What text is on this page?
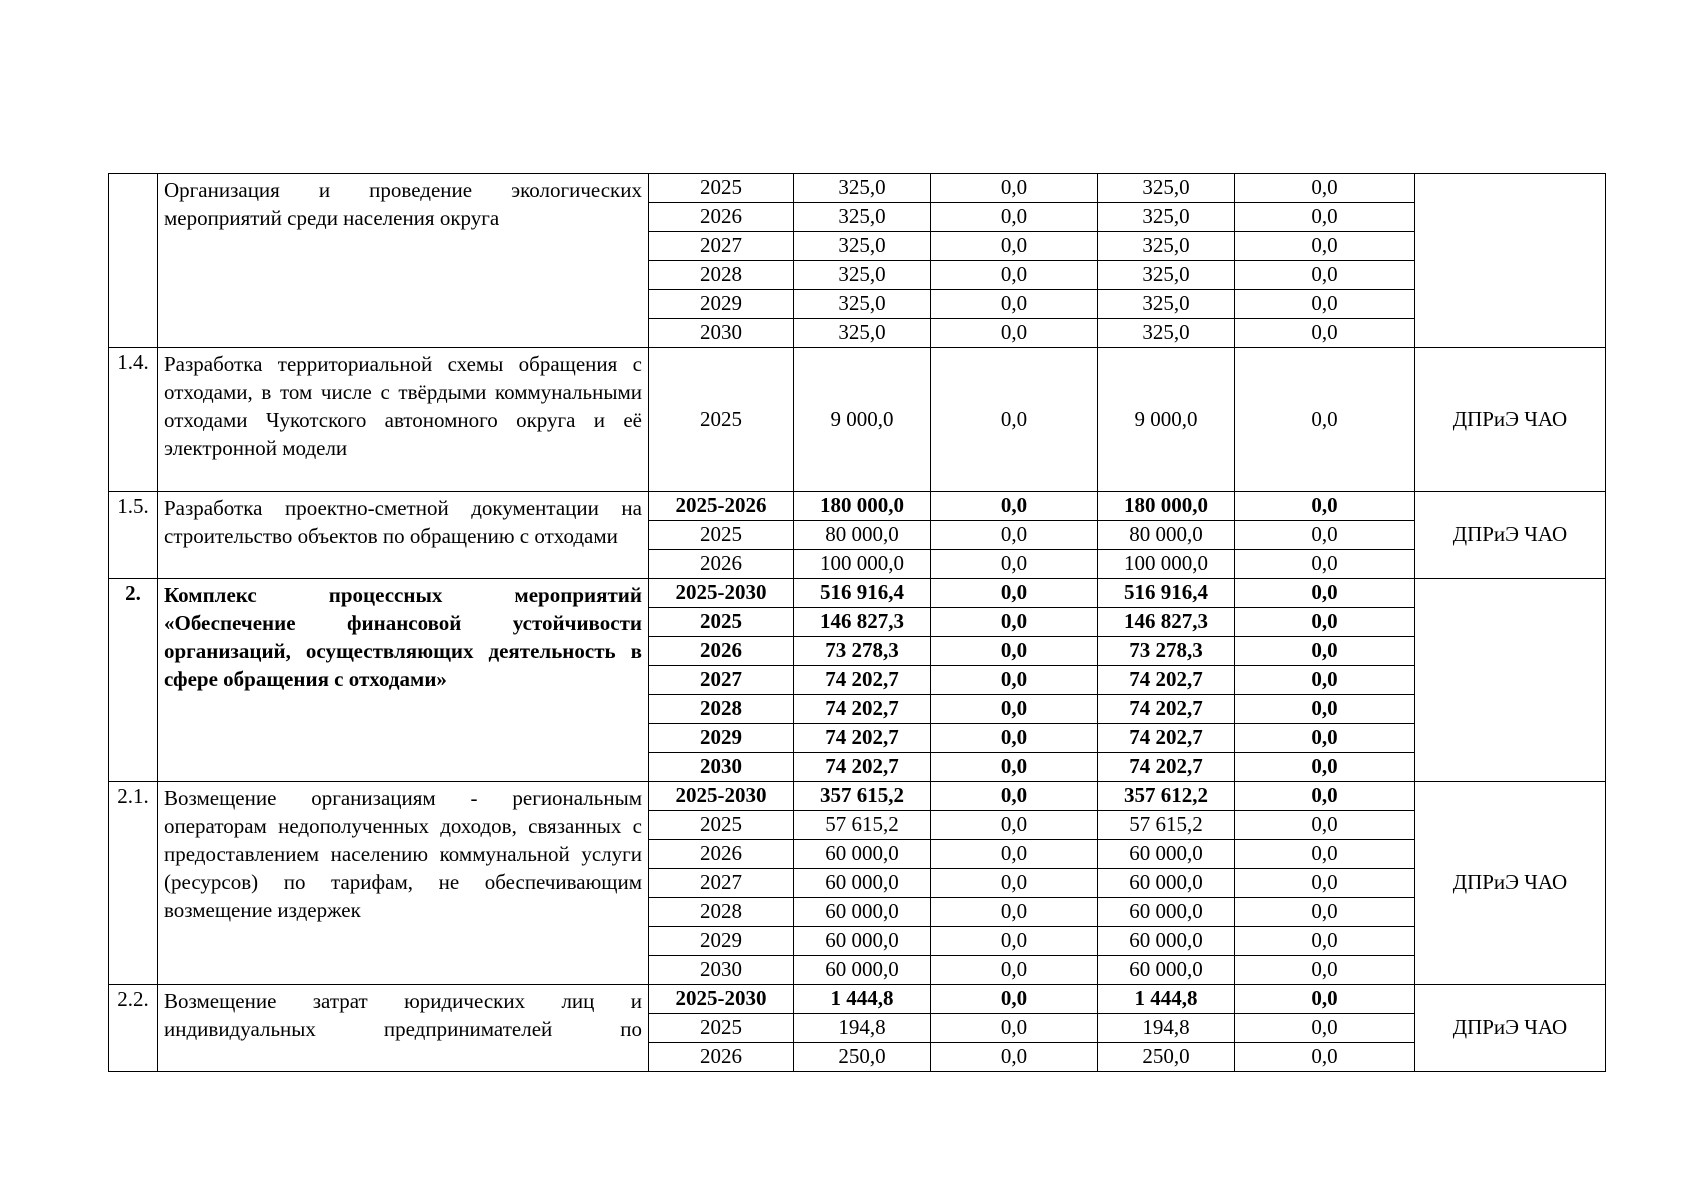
	Организация и проведение экологических мероприятий среди населения округа	2025	325,0	0,0	325,0	0,0	
		2026	325,0	0,0	325,0	0,0	
		2027	325,0	0,0	325,0	0,0	
		2028	325,0	0,0	325,0	0,0	
		2029	325,0	0,0	325,0	0,0	
		2030	325,0	0,0	325,0	0,0	
1.4.	Разработка территориальной схемы обращения с отходами, в том числе с твёрдыми коммунальными отходами Чукотского автономного округа и её электронной модели	2025	9 000,0	0,0	9 000,0	0,0	ДПРиЭ ЧАО
1.5.	Разработка проектно-сметной документации на строительство объектов по обращению с отходами	2025-2026	180 000,0	0,0	180 000,0	0,0	ДПРиЭ ЧАО
		2025	80 000,0	0,0	80 000,0	0,0	
		2026	100 000,0	0,0	100 000,0	0,0	
2.	Комплекс процессных мероприятий «Обеспечение финансовой устойчивости организаций, осуществляющих деятельность в сфере обращения с отходами»	2025-2030	516 916,4	0,0	516 916,4	0,0	
		2025	146 827,3	0,0	146 827,3	0,0	
		2026	73 278,3	0,0	73 278,3	0,0	
		2027	74 202,7	0,0	74 202,7	0,0	
		2028	74 202,7	0,0	74 202,7	0,0	
		2029	74 202,7	0,0	74 202,7	0,0	
		2030	74 202,7	0,0	74 202,7	0,0	
2.1.	Возмещение организациям - региональным операторам недополученных доходов, связанных с предоставлением населению коммунальной услуги (ресурсов) по тарифам, не обеспечивающим возмещение издержек	2025-2030	357 615,2	0,0	357 612,2	0,0	ДПРиЭ ЧАО
		2025	57 615,2	0,0	57 615,2	0,0	
		2026	60 000,0	0,0	60 000,0	0,0	
		2027	60 000,0	0,0	60 000,0	0,0	
		2028	60 000,0	0,0	60 000,0	0,0	
		2029	60 000,0	0,0	60 000,0	0,0	
		2030	60 000,0	0,0	60 000,0	0,0	
2.2.	Возмещение затрат юридических лиц и индивидуальных предпринимателей по	2025-2030	1 444,8	0,0	1 444,8	0,0	ДПРиЭ ЧАО
		2025	194,8	0,0	194,8	0,0	
		2026	250,0	0,0	250,0	0,0	
